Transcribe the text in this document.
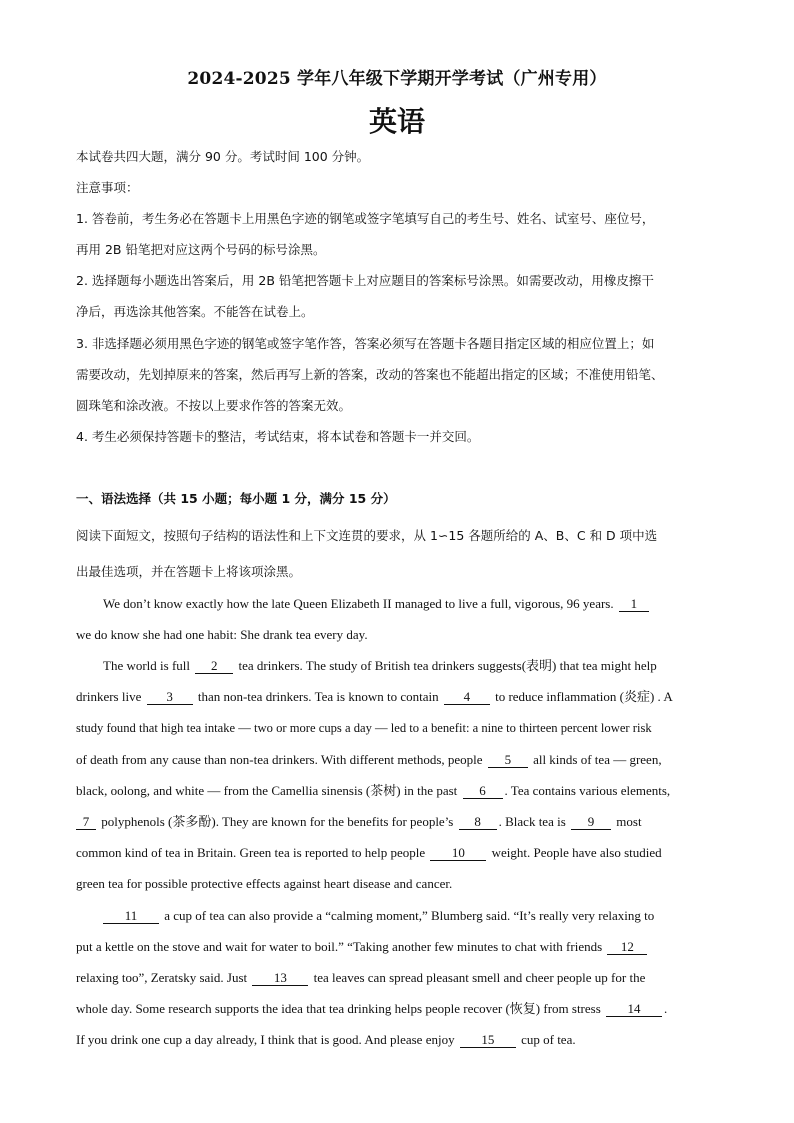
2024-2025 学年八年级下学期开学考试（广州专用）
英语
本试卷共四大题，满分 90 分。考试时间 100 分钟。
注意事项：
1. 答卷前，考生务必在答题卡上用黑色字迹的钢笔或签字笔填写自己的考生号、姓名、试室号、座位号，
再用 2B 铅笔把对应这两个号码的标号涂黑。
2. 选择题每小题选出答案后，用 2B 铅笔把答题卡上对应题目的答案标号涂黑。如需要改动，用橡皮擦干
净后，再选涂其他答案。不能答在试卷上。
3. 非选择题必须用黑色字迹的钢笔或签字笔作答，答案必须写在答题卡各题目指定区域的相应位置上；如
需要改动，先划掉原来的答案，然后再写上新的答案，改动的答案也不能超出指定的区域；不准使用铅笔、
圆珠笔和涂改液。不按以上要求作答的答案无效。
4. 考生必须保持答题卡的整洁，考试结束，将本试卷和答题卡一并交回。
一、语法选择（共 15 小题；每小题 1 分，满分 15 分）
阅读下面短文，按照句子结构的语法性和上下文连贯的要求，从 1∽15 各题所给的 A、B、C 和 D 项中选
出最佳选项，并在答题卡上将该项涂黑。
We don’t know exactly how the late Queen Elizabeth II managed to live a full, vigorous, 96 years. 1
we do know she had one habit: She drank tea every day.
The world is full 2 tea drinkers. The study of British tea drinkers suggests(表明) that tea might help
drinkers live 3 than non-tea drinkers. Tea is known to contain 4 to reduce inflammation (炎症) . A
study found that high tea intake — two or more cups a day — led to a benefit: a nine to thirteen percent lower risk
of death from any cause than non-tea drinkers. With different methods, people 5 all kinds of tea — green,
black, oolong, and white — from the Camellia sinensis (茶树) in the past 6 . Tea contains various elements,
7 polyphenols (茶多酚). They are known for the benefits for people’s 8 . Black tea is 9 most
common kind of tea in Britain. Green tea is reported to help people 10 weight. People have also studied
green tea for possible protective effects against heart disease and cancer.
11 a cup of tea can also provide a “calming moment,” Blumberg said. “It’s really very relaxing to
put a kettle on the stove and wait for water to boil.” “Taking another few minutes to chat with friends 12
relaxing too”, Zeratsky said. Just 13 tea leaves can spread pleasant smell and cheer people up for the
whole day. Some research supports the idea that tea drinking helps people recover (恢复) from stress 14 .
If you drink one cup a day already, I think that is good. And please enjoy 15 cup of tea.
